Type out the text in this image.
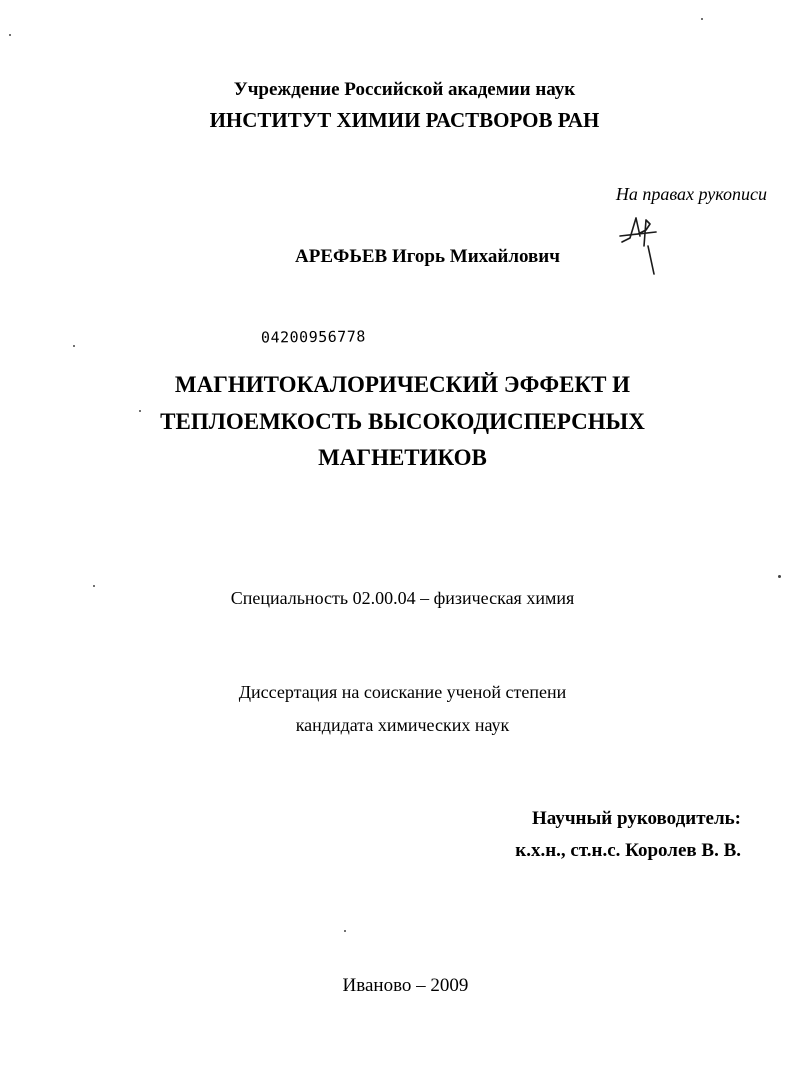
Учреждение Российской академии наук
ИНСТИТУТ ХИМИИ РАСТВОРОВ РАН
На правах рукописи
АРЕФЬЕВ Игорь Михайлович
04200956778
МАГНИТОКАЛОРИЧЕСКИЙ ЭФФЕКТ И
ТЕПЛОЕМКОСТЬ ВЫСОКОДИСПЕРСНЫХ
МАГНЕТИКОВ
Специальность 02.00.04 – физическая химия
Диссертация на соискание ученой степени
кандидата химических наук
Научный руководитель:
к.х.н., ст.н.с. Королев В. В.
Иваново – 2009
